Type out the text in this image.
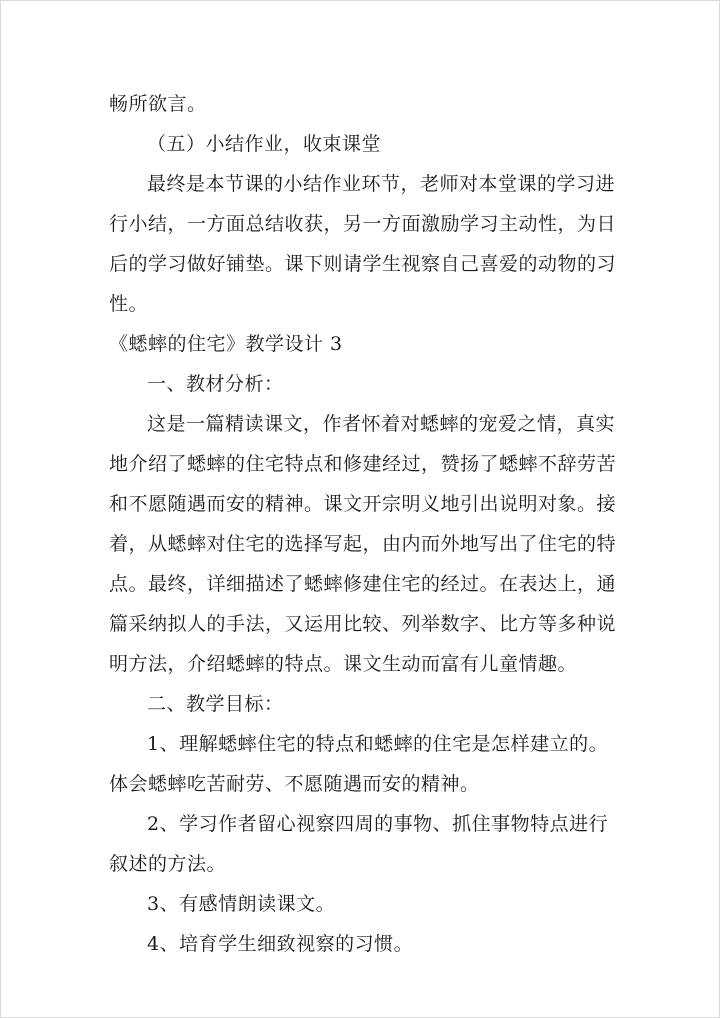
畅所欲言。
（五）小结作业，收束课堂
最终是本节课的小结作业环节，老师对本堂课的学习进
行小结，一方面总结收获，另一方面激励学习主动性，为日
后的学习做好铺垫。课下则请学生视察自己喜爱的动物的习
性。
《蟋蟀的住宅》教学设计 3
一、教材分析：
这是一篇精读课文，作者怀着对蟋蟀的宠爱之情，真实
地介绍了蟋蟀的住宅特点和修建经过，赞扬了蟋蟀不辞劳苦
和不愿随遇而安的精神。课文开宗明义地引出说明对象。接
着，从蟋蟀对住宅的选择写起，由内而外地写出了住宅的特
点。最终，详细描述了蟋蟀修建住宅的经过。在表达上，通
篇采纳拟人的手法，又运用比较、列举数字、比方等多种说
明方法，介绍蟋蟀的特点。课文生动而富有儿童情趣。
二、教学目标：
1、理解蟋蟀住宅的特点和蟋蟀的住宅是怎样建立的。
体会蟋蟀吃苦耐劳、不愿随遇而安的精神。
2、学习作者留心视察四周的事物、抓住事物特点进行
叙述的方法。
3、有感情朗读课文。
4、培育学生细致视察的习惯。
